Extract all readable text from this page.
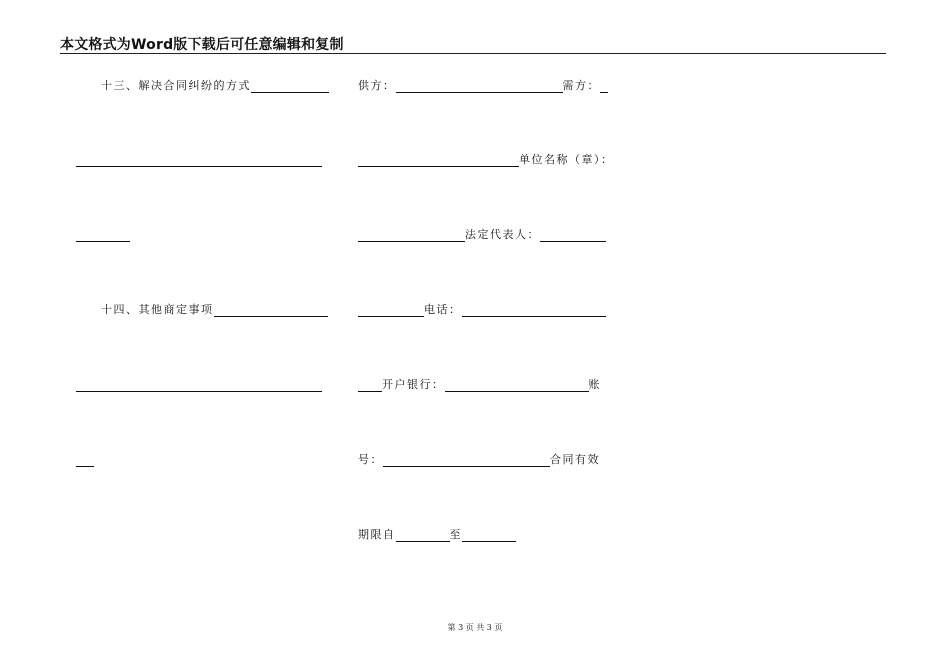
本文格式为Word版下载后可任意编辑和复制
十三、解决合同纠纷的方式
十四、其他商定事项
供方：	需方：
单位名称（章）：
法定代表人：
电话：
开户银行：	账
号：	合同有效
期限自	至
第 3 页 共 3 页
